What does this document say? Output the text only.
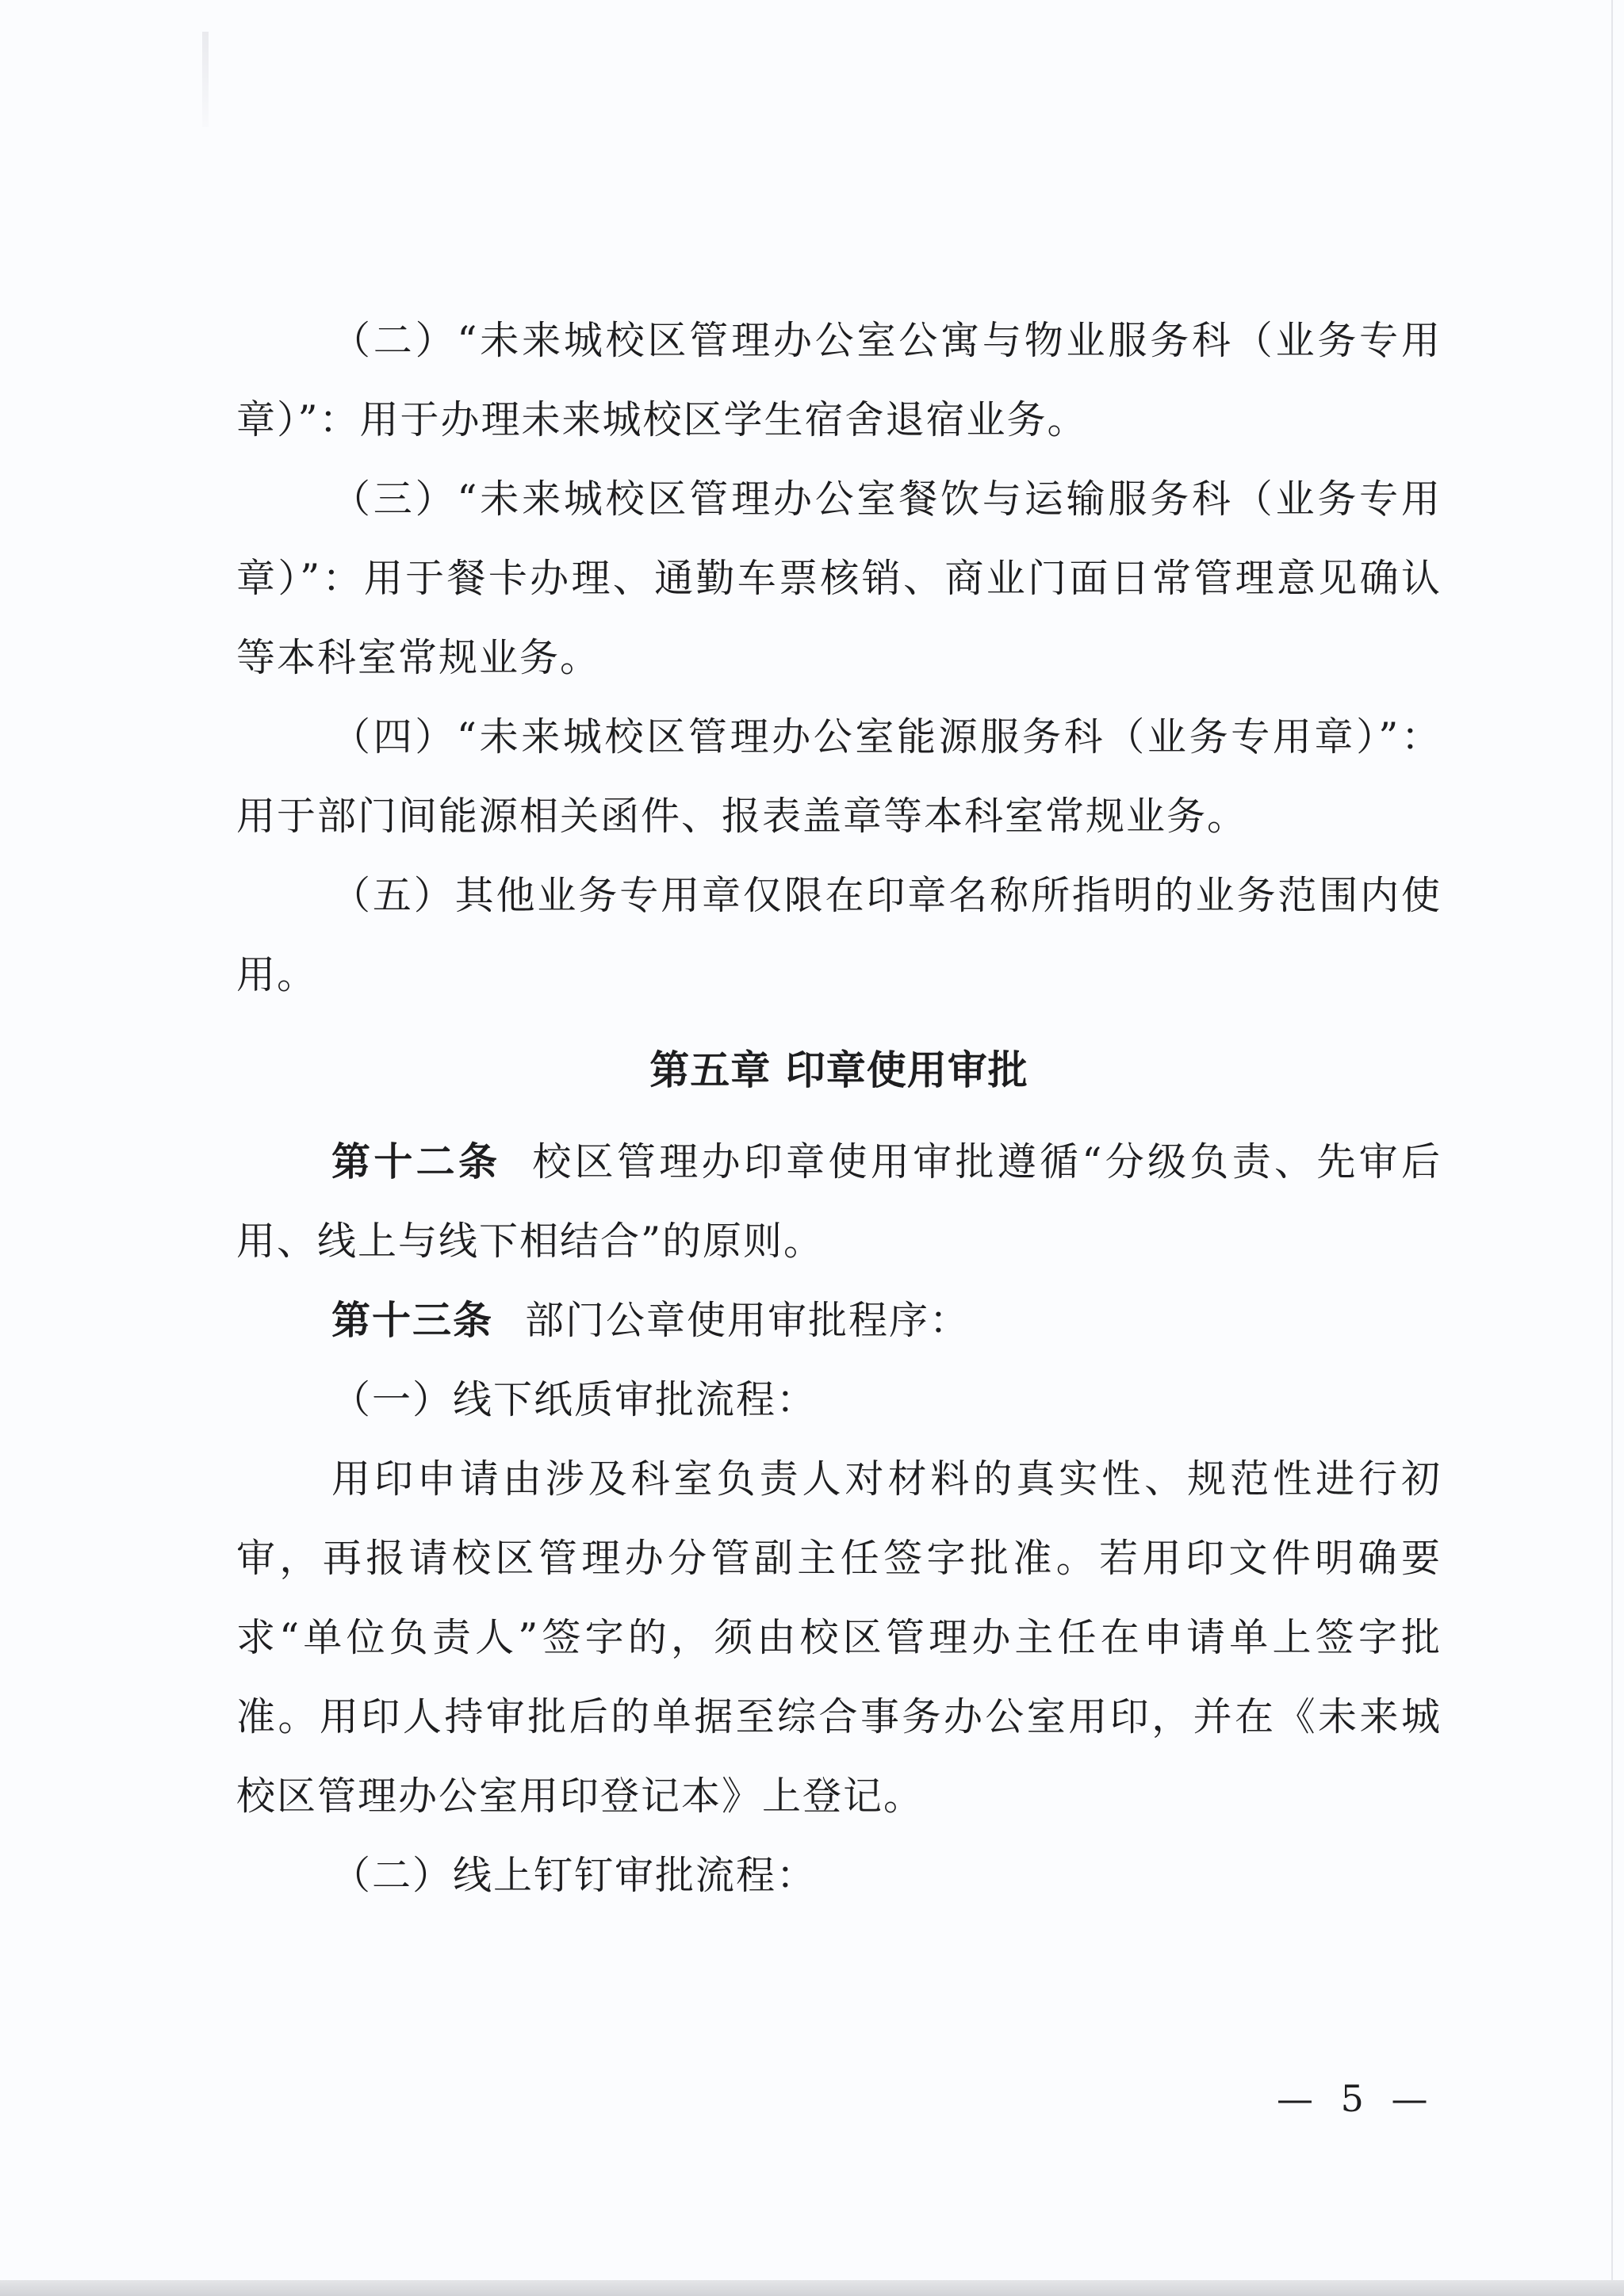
（二）“未来城校区管理办公室公寓与物业服务科（业务专用章）”：用于办理未来城校区学生宿舍退宿业务。

（三）“未来城校区管理办公室餐饮与运输服务科（业务专用章）”：用于餐卡办理、通勤车票核销、商业门面日常管理意见确认等本科室常规业务。

（四）“未来城校区管理办公室能源服务科（业务专用章）”：用于部门间能源相关函件、报表盖章等本科室常规业务。

（五）其他业务专用章仅限在印章名称所指明的业务范围内使用。

第五章 印章使用审批

第十二条 校区管理办印章使用审批遵循“分级负责、先审后用、线上与线下相结合”的原则。

第十三条 部门公章使用审批程序：

（一）线下纸质审批流程：

用印申请由涉及科室负责人对材料的真实性、规范性进行初审，再报请校区管理办分管副主任签字批准。若用印文件明确要求“单位负责人”签字的，须由校区管理办主任在申请单上签字批准。用印人持审批后的单据至综合事务办公室用印，并在《未来城校区管理办公室用印登记本》上登记。

（二）线上钉钉审批流程：

— 5 —
